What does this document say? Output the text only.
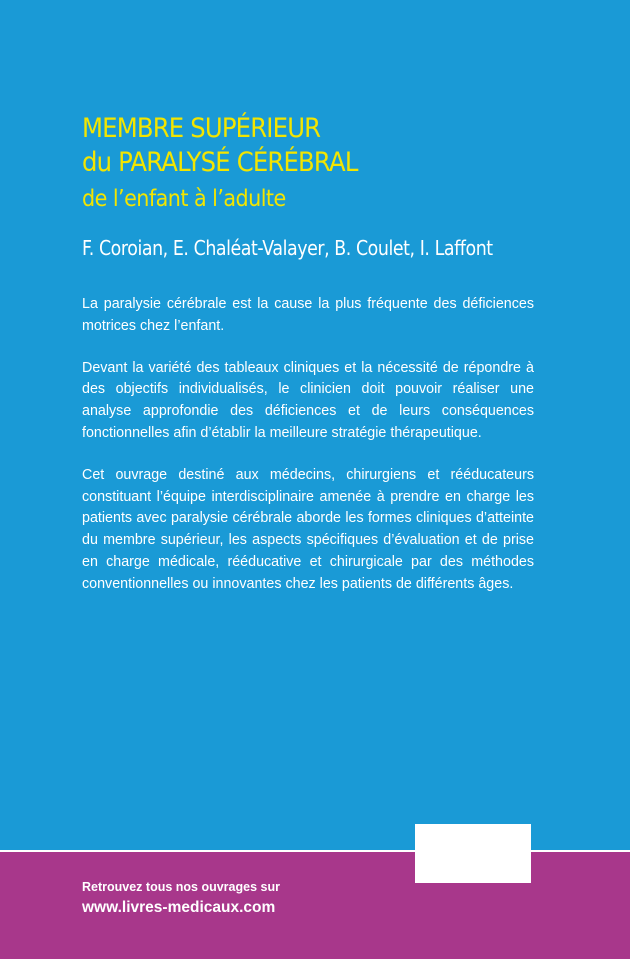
MEMBRE SUPÉRIEUR
du PARALYSÉ CÉRÉBRAL
de l’enfant à l’adulte
F. Coroian, E. Chaléat-Valayer, B. Coulet, I. Laffont

La paralysie cérébrale est la cause la plus fréquente des déficiences motrices chez l’enfant.

Devant la variété des tableaux cliniques et la nécessité de répondre à des objectifs individualisés, le clinicien doit pouvoir réaliser une analyse approfondie des déficiences et de leurs conséquences fonctionnelles afin d’établir la meilleure stratégie thérapeutique.

Cet ouvrage destiné aux médecins, chirurgiens et rééducateurs constituant l’équipe interdisciplinaire amenée à prendre en charge les patients avec paralysie cérébrale aborde les formes cliniques d’atteinte du membre supérieur, les aspects spécifiques d’évaluation et de prise en charge médicale, rééducative et chirurgicale par des méthodes conventionnelles ou innovantes chez les patients de différents âges.

Retrouvez tous nos ouvrages sur
www.livres-medicaux.com
